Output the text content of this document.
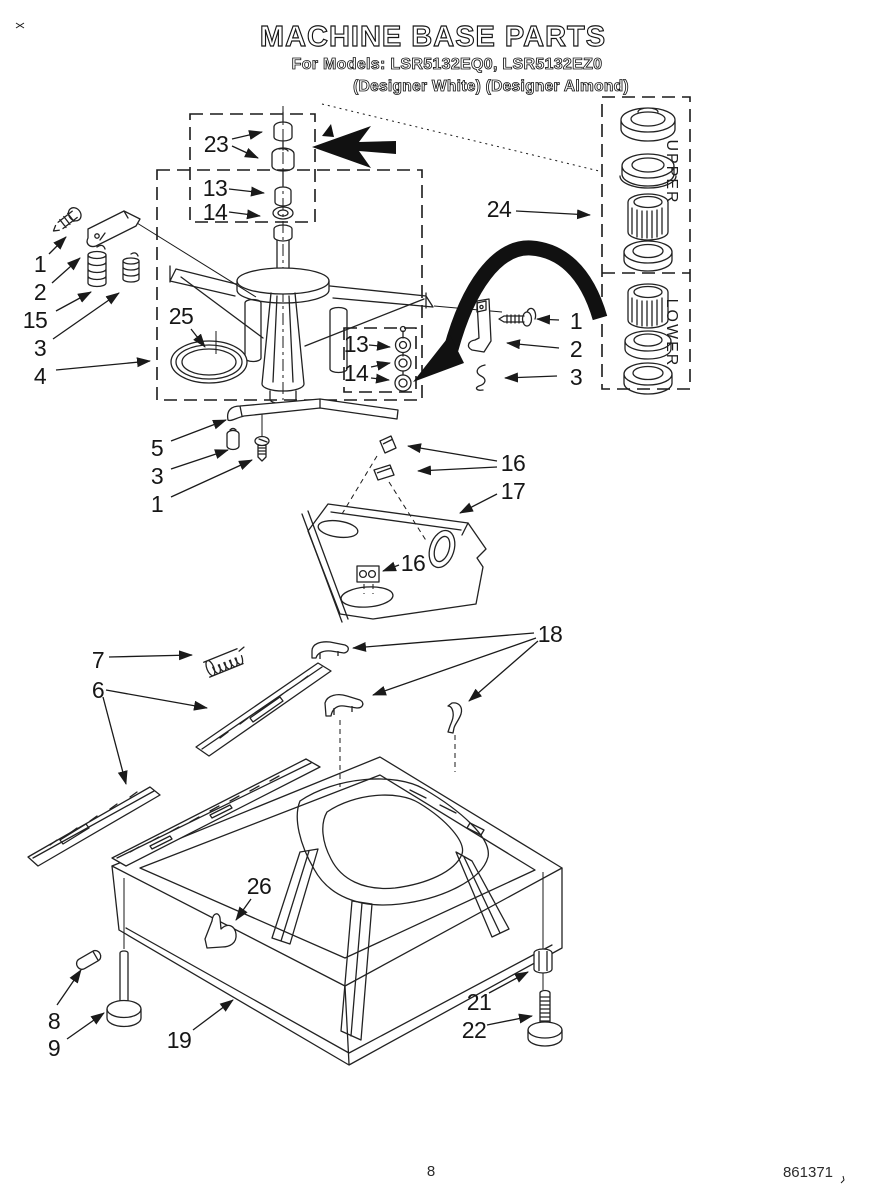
MACHINE BASE PARTS
For Models: LSR5132EQ0, LSR5132EZ0
(Designer White) (Designer Almond)
UPPER
LOWER
23
13
14
1
2
15
3
4
25
13
14
24
1
2
3
5
3
1
16
17
16
18
7
6
26
8
9	19
21
22
8	861371
